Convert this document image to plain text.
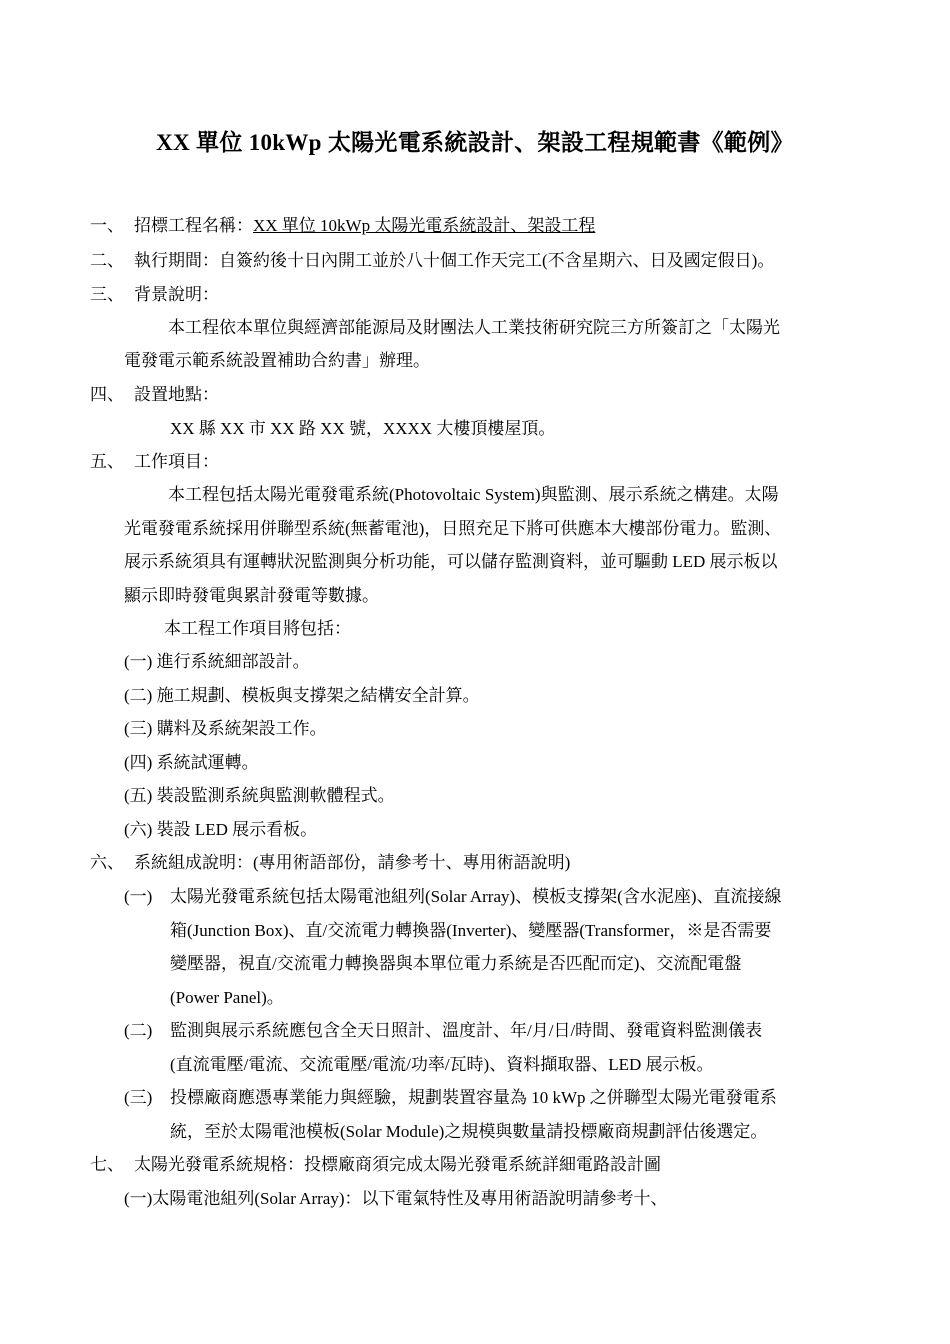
XX 單位 10kWp 太陽光電系統設計、架設工程規範書《範例》
一、 招標工程名稱：XX 單位 10kWp 太陽光電系統設計、架設工程
二、 執行期間：自簽約後十日內開工並於八十個工作天完工(不含星期六、日及國定假日)。
三、 背景說明：
本工程依本單位與經濟部能源局及財團法人工業技術研究院三方所簽訂之「太陽光
電發電示範系統設置補助合約書」辦理。
四、 設置地點：
XX 縣 XX 市 XX 路 XX 號，XXXX 大樓頂樓屋頂。
五、 工作項目：
本工程包括太陽光電發電系統(Photovoltaic System)與監測、展示系統之構建。太陽
光電發電系統採用併聯型系統(無蓄電池)，日照充足下將可供應本大樓部份電力。監測、
展示系統須具有運轉狀況監測與分析功能，可以儲存監測資料，並可驅動 LED 展示板以
顯示即時發電與累計發電等數據。
本工程工作項目將包括：
(一) 進行系統細部設計。
(二) 施工規劃、模板與支撐架之結構安全計算。
(三) 購料及系統架設工作。
(四) 系統試運轉。
(五) 裝設監測系統與監測軟體程式。
(六) 裝設 LED 展示看板。
六、 系統組成說明：(專用術語部份，請參考十、專用術語說明)
(一) 太陽光發電系統包括太陽電池組列(Solar Array)、模板支撐架(含水泥座)、直流接線
箱(Junction Box)、直/交流電力轉換器(Inverter)、變壓器(Transformer，※是否需要
變壓器，視直/交流電力轉換器與本單位電力系統是否匹配而定)、交流配電盤
(Power Panel)。
(二) 監測與展示系統應包含全天日照計、溫度計、年/月/日/時間、發電資料監測儀表
(直流電壓/電流、交流電壓/電流/功率/瓦時)、資料擷取器、LED 展示板。
(三) 投標廠商應憑專業能力與經驗，規劃裝置容量為 10 kWp 之併聯型太陽光電發電系
統，至於太陽電池模板(Solar Module)之規模與數量請投標廠商規劃評估後選定。
七、 太陽光發電系統規格：投標廠商須完成太陽光發電系統詳細電路設計圖
(一)太陽電池組列(Solar Array)：以下電氣特性及專用術語說明請參考十、
